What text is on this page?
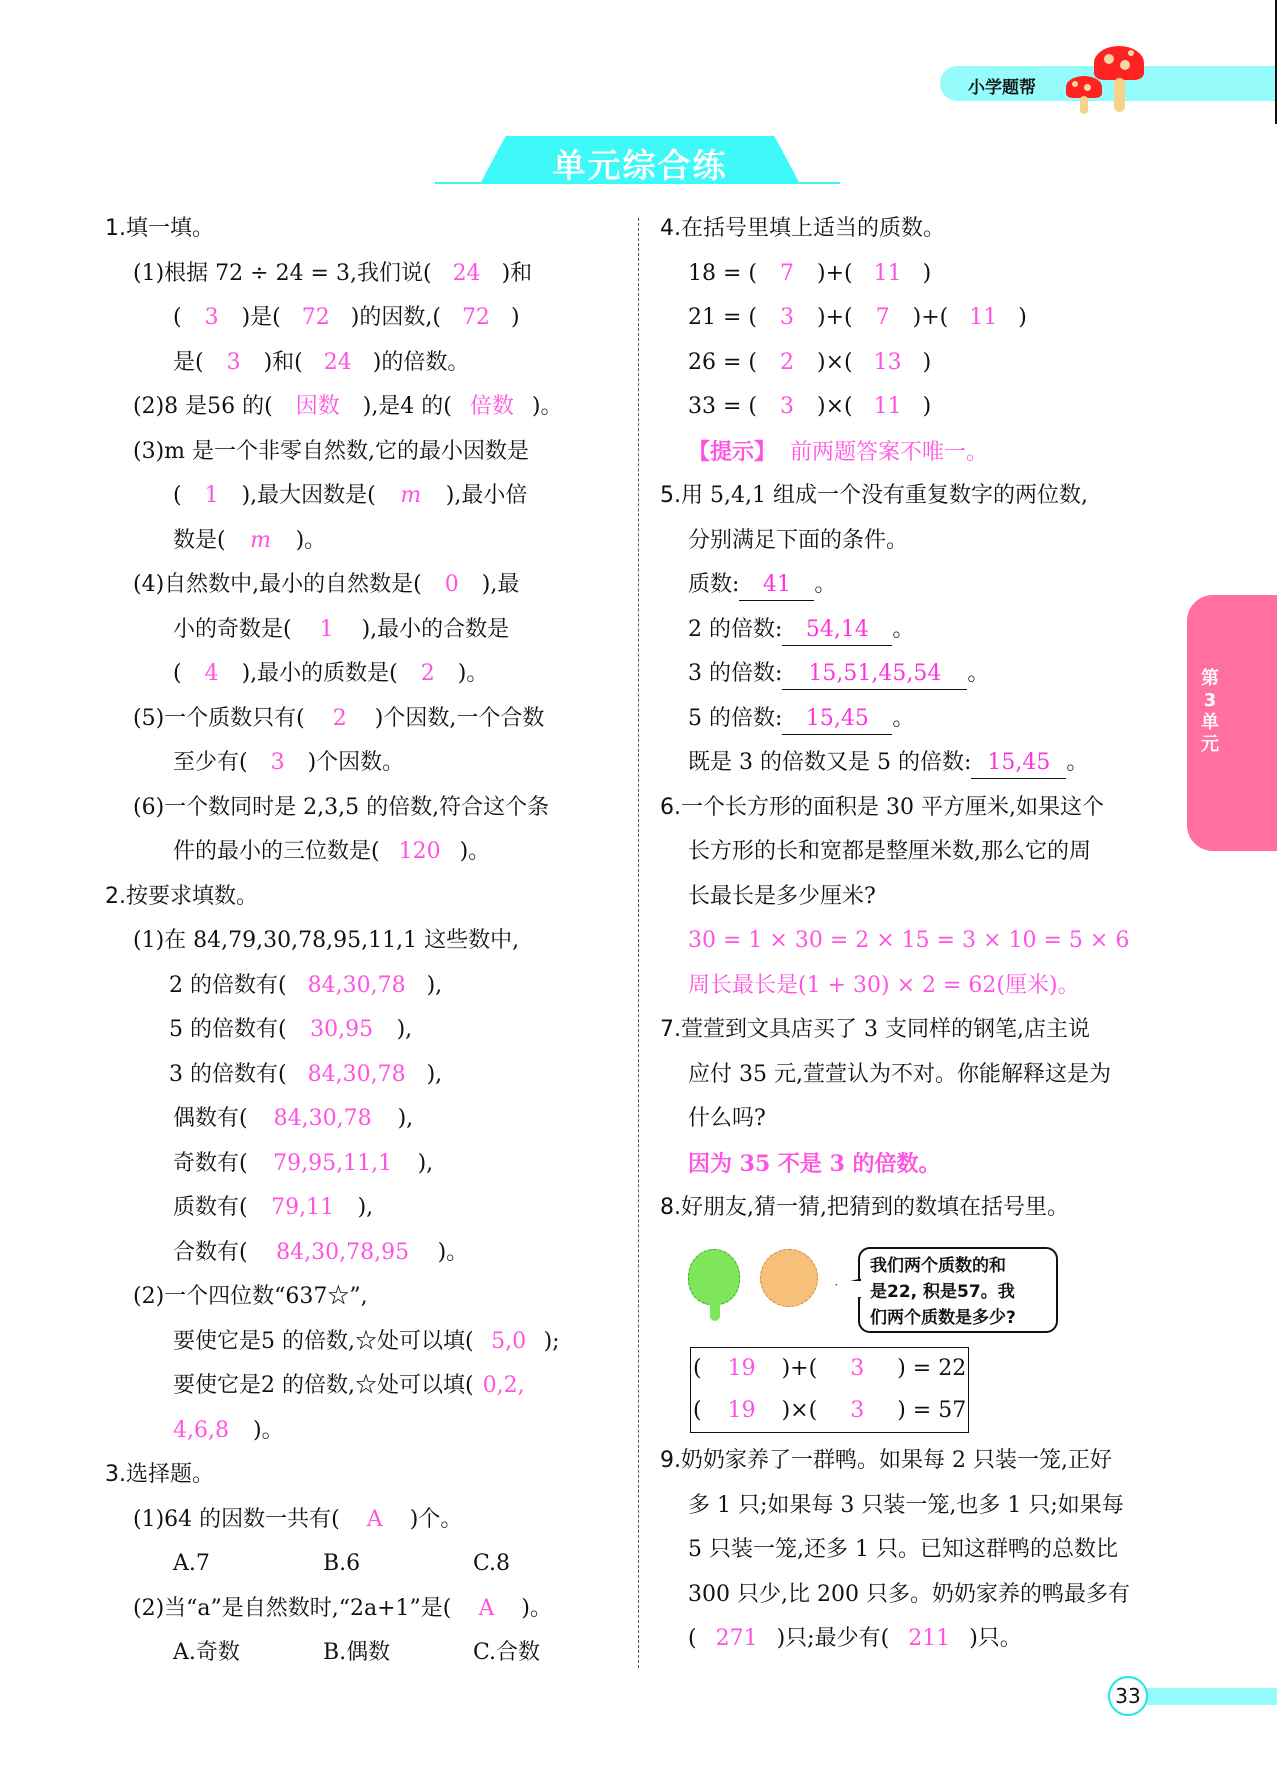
小学题帮
单元综合练
1.填一填。
(1)根据 72 ÷ 24 = 3,我们说( 24 )和
( 3 )是( 72 )的因数,( 72 )
是( 3 )和( 24 )的倍数。
(2)8 是56 的( 因数 ),是4 的( 倍数 )。
(3)m 是一个非零自然数,它的最小因数是
( 1 ),最大因数是( m ),最小倍
数是( m )。
(4)自然数中,最小的自然数是( 0 ),最
小的奇数是( 1 ),最小的合数是
( 4 ),最小的质数是( 2 )。
(5)一个质数只有( 2 )个因数,一个合数
至少有( 3 )个因数。
(6)一个数同时是 2,3,5 的倍数,符合这个条
件的最小的三位数是( 120 )。
2.按要求填数。
(1)在 84,79,30,78,95,11,1 这些数中,
2 的倍数有( 84,30,78 ),
5 的倍数有( 30,95 ),
3 的倍数有( 84,30,78 ),
偶数有( 84,30,78 ),
奇数有( 79,95,11,1 ),
质数有( 79,11 ),
合数有( 84,30,78,95 )。
(2)一个四位数“637☆”,
要使它是5 的倍数,☆处可以填( 5,0 );
要使它是2 的倍数,☆处可以填( 0,2,
4,6,8 )。
3.选择题。
(1)64 的因数一共有( A )个。
A.7	B.6	C.8
(2)当“a”是自然数时,“2a+1”是( A )。
A.奇数	B.偶数	C.合数
4.在括号里填上适当的质数。
18 = ( 7 )+( 11 )
21 = ( 3 )+( 7 )+( 11 )
26 = ( 2 )×( 13 )
33 = ( 3 )×( 11 )
【提示】 前两题答案不唯一。
5.用 5,4,1 组成一个没有重复数字的两位数,
分别满足下面的条件。
质数: 41 。
2 的倍数: 54,14 。
3 的倍数: 15,51,45,54 。
5 的倍数: 15,45 。
既是 3 的倍数又是 5 的倍数: 15,45 。
6.一个长方形的面积是 30 平方厘米,如果这个
长方形的长和宽都是整厘米数,那么它的周
长最长是多少厘米?
30 = 1 × 30 = 2 × 15 = 3 × 10 = 5 × 6
周长最长是(1 + 30) × 2 = 62(厘米)。
7.萱萱到文具店买了 3 支同样的钢笔,店主说
应付 35 元,萱萱认为不对。你能解释这是为
什么吗?
因为 35 不是 3 的倍数。
8.好朋友,猜一猜,把猜到的数填在括号里。
我们两个质数的和
是22, 积是57。我
们两个质数是多少?
( 19 )+( 3 ) = 22
( 19 )×( 3 ) = 57
9.奶奶家养了一群鸭。如果每 2 只装一笼,正好
多 1 只;如果每 3 只装一笼,也多 1 只;如果每
5 只装一笼,还多 1 只。已知这群鸭的总数比
300 只少,比 200 只多。奶奶家养的鸭最多有
( 271 )只;最少有( 211 )只。
第3单元
33
